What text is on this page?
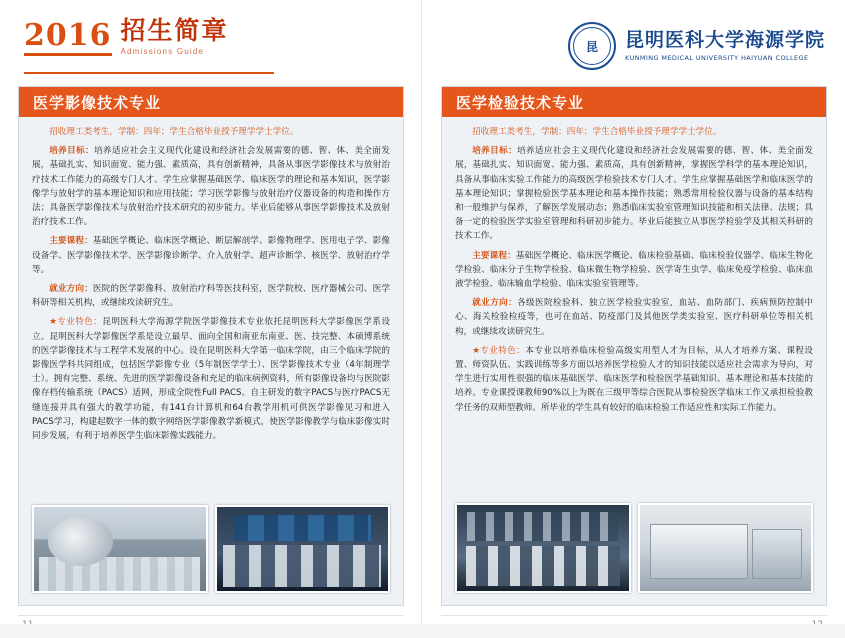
2016 招生简章
Admissions Guide
医学影像技术专业

招收理工类考生，学制：四年；学生合格毕业授予理学学士学位。

培养目标：培养适应社会主义现代化建设和经济社会发展需要的德、智、体、美全面发展，基础扎实、知识面宽、能力强、素质高，具有创新精神，具备从事医学影像技术与放射治疗技术工作能力的高级专门人才。学生应掌握基础医学、临床医学的理论和基本知识，医学影像学与放射学的基本理论知识和应用技能；学习医学影像与放射治疗仪器设备的构造和操作方法；具备医学影像技术与放射治疗技术研究的初步能力。毕业后能够从事医学影像技术及放射治疗技术工作。

主要课程：基础医学概论、临床医学概论、断层解剖学、影像物理学、医用电子学、影像设备学、医学影像技术学、医学影像诊断学、介入放射学、超声诊断学、核医学、放射治疗学等。

就业方向：医院的医学影像科、放射治疗科等医技科室，医学院校、医疗器械公司、医学科研等相关机构，或继续攻读研究生。

★专业特色：昆明医科大学海源学院医学影像技术专业依托昆明医科大学影像医学系设立。昆明医科大学影像医学系是设立最早、面向全国和南亚东南亚、医、技完整、本硕博系统的医学影像技术与工程学术发展的中心。设在昆明医科大学第一临床学院，由三个临床学院的影像医学科共同组成，包括医学影像专业（5年制医学学士）、医学影像技术专业（4年制理学士）。拥有完整、系统、先进的医学影像设备和充足的临床病例资料，所有影像设备均与医院影像存档传输系统（PACS）适网，形成全院性Full PACS。自主研发的数字PACS与医疗PACS无缝连接并具有强大的教学功能，有141台计算机和64台教学用机可供医学影像见习和进入PACS学习，构建起数字一体的数字网络医学影像教学新模式，使医学影像教学与临床影像实时同步发展，有利于培养医学生临床影像实践能力。

昆 昆明医科大学海源学院
KUNMING MEDICAL UNIVERSITY HAIYUAN COLLEGE
医学检验技术专业

招收理工类考生，学制：四年；学生合格毕业授予理学学士学位。

培养目标：培养适应社会主义现代化建设和经济社会发展需要的德、智、体、美全面发展，基础扎实、知识面宽、能力强、素质高，具有创新精神，掌握医学科学的基本理论知识，具备从事临床实验工作能力的高级医学检验技术专门人才。学生应掌握基础医学和临床医学的基本理论知识；掌握检验医学基本理论和基本操作技能；熟悉常用检验仪器与设备的基本结构和一般维护与保养，了解医学发展动态；熟悉临床实验室管理知识技能和相关法律、法规；具备一定的检验医学实验室管理和科研初步能力。毕业后能独立从事医学检验学及其相关科研的技术工作。

主要课程：基础医学概论、临床医学概论、临床检验基础、临床检验仪器学、临床生物化学检验、临床分子生物学检验、临床微生物学检验、医学寄生虫学、临床免疫学检验、临床血液学检验、临床输血学检验、临床实验室管理等。

就业方向：各级医院检验科、独立医学检验实验室，血站、血防部门、疾病预防控制中心、海关检验检疫等，也可在血站、防疫部门及其他医学类实验室、医疗科研单位等相关机构，或继续攻读研究生。

★专业特色：本专业以培养临床检验高级实用型人才为目标，从人才培养方案、课程设置、师资队伍、实践训练等多方面以培养医学检验人才的知识技能以适应社会需求为导向，对学生进行实用性很强的临床基础医学、临床医学和检验医学基础知识、基本理论和基本技能的培养。专业课授课教师90%以上为既在三级甲等综合医院从事检验医学临床工作又承担检验教学任务的双师型教师。所毕业的学生具有较好的临床检验工作适应性和实际工作能力。
